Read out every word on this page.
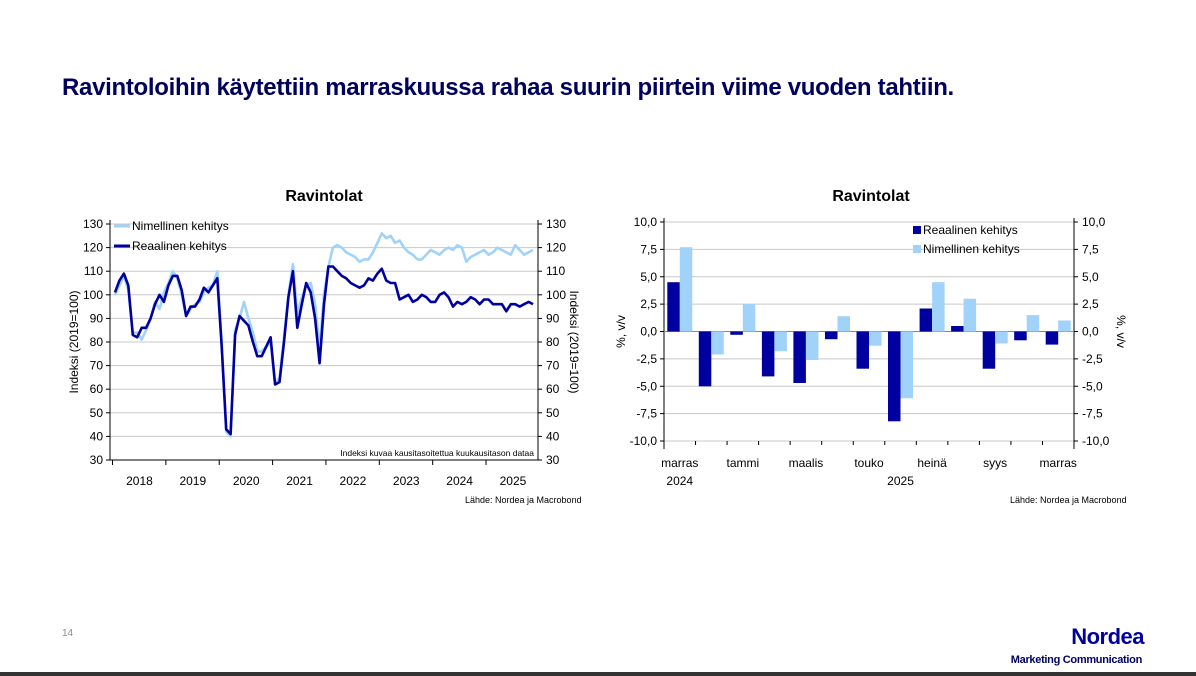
Ravintoloihin käytettiin marraskuussa rahaa suurin piirtein viime vuoden tahtiin.
Ravintolat	Ravintolat
130	130
120	120
110	110
100	100
90	90
80	80
70	70
60	60
50	50
40	40
30	30
2018 2019 2020 2021 2022 2023 2024 2025
Indeksi (2019=100)	Indeksi (2019=100)
Nimellinen kehitys
Reaalinen kehitys
Indeksi kuvaa kausitasoitettua kuukausitason dataa
10,0	10,0
7,5	7,5
5,0	5,0
2,5	2,5
0,0	0,0
-2,5	-2,5
-5,0	-5,0
-7,5	-7,5
-10,0	-10,0
marras tammi maalis	touko	heinä	syys	marras
2024	2025
%, v/v	%, v/v
Reaalinen kehitys
Nimellinen kehitys
Lähde: Nordea ja Macrobond	Lähde: Nordea ja Macrobond
14	Nordea
Marketing Communication
